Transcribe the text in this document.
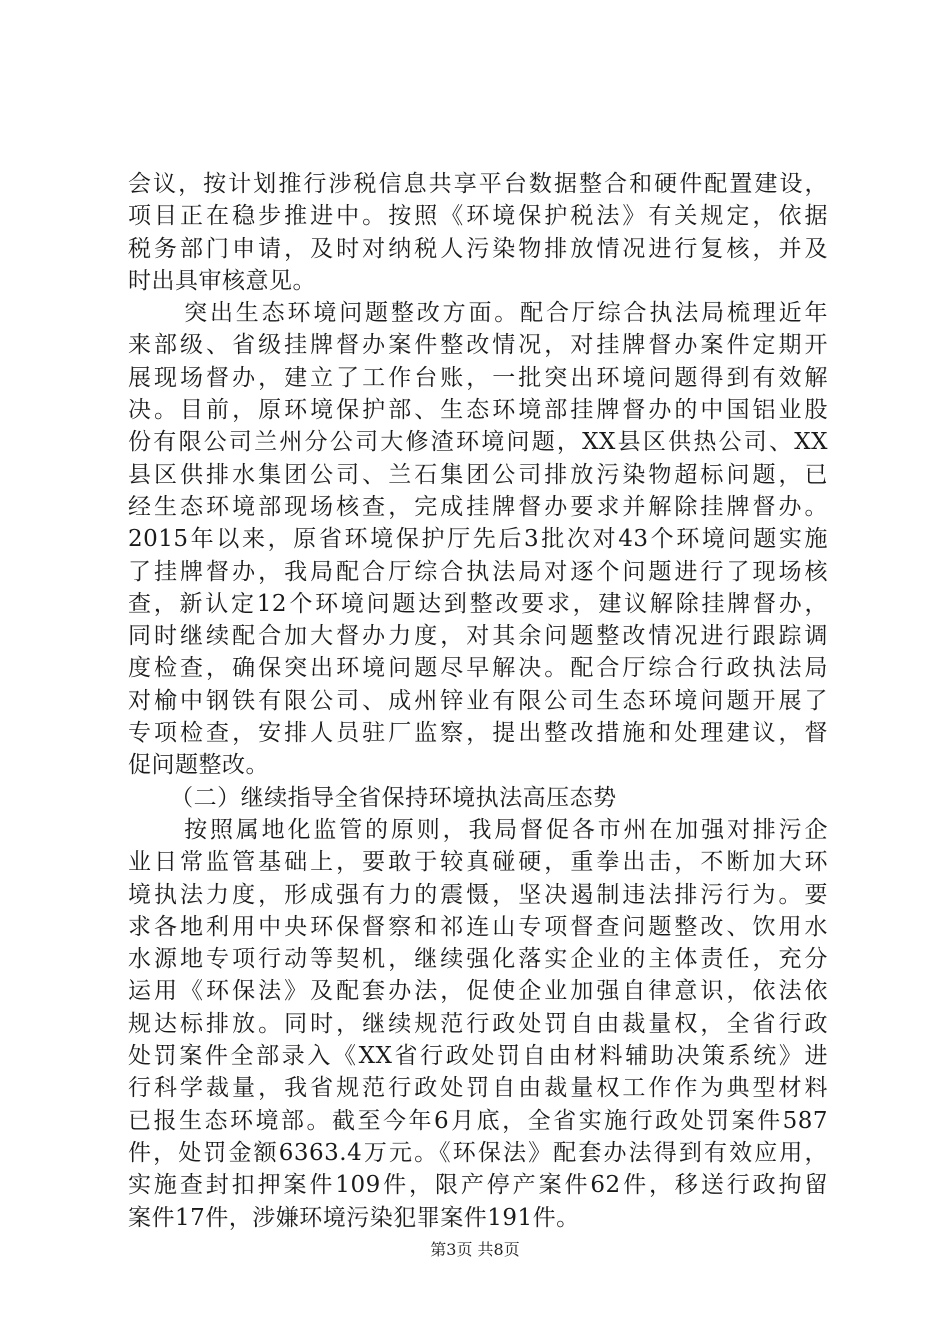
会议，按计划推行涉税信息共享平台数据整合和硬件配置建设，
项目正在稳步推进中。按照《环境保护税法》有关规定，依据
税务部门申请，及时对纳税人污染物排放情况进行复核，并及
时出具审核意见。
突出生态环境问题整改方面。配合厅综合执法局梳理近年
来部级、省级挂牌督办案件整改情况，对挂牌督办案件定期开
展现场督办，建立了工作台账，一批突出环境问题得到有效解
决。目前，原环境保护部、生态环境部挂牌督办的中国铝业股
份有限公司兰州分公司大修渣环境问题，XX县区供热公司、XX
县区供排水集团公司、兰石集团公司排放污染物超标问题，已
经生态环境部现场核查，完成挂牌督办要求并解除挂牌督办。
2015年以来，原省环境保护厅先后3批次对43个环境问题实施
了挂牌督办，我局配合厅综合执法局对逐个问题进行了现场核
查，新认定12个环境问题达到整改要求，建议解除挂牌督办，
同时继续配合加大督办力度，对其余问题整改情况进行跟踪调
度检查，确保突出环境问题尽早解决。配合厅综合行政执法局
对榆中钢铁有限公司、成州锌业有限公司生态环境问题开展了
专项检查，安排人员驻厂监察，提出整改措施和处理建议，督
促问题整改。
（二）继续指导全省保持环境执法高压态势
按照属地化监管的原则，我局督促各市州在加强对排污企
业日常监管基础上，要敢于较真碰硬，重拳出击，不断加大环
境执法力度，形成强有力的震慑，坚决遏制违法排污行为。要
求各地利用中央环保督察和祁连山专项督查问题整改、饮用水
水源地专项行动等契机，继续强化落实企业的主体责任，充分
运用《环保法》及配套办法，促使企业加强自律意识，依法依
规达标排放。同时，继续规范行政处罚自由裁量权，全省行政
处罚案件全部录入《XX省行政处罚自由材料辅助决策系统》进
行科学裁量，我省规范行政处罚自由裁量权工作作为典型材料
已报生态环境部。截至今年6月底，全省实施行政处罚案件587
件，处罚金额6363.4万元。《环保法》配套办法得到有效应用，
实施查封扣押案件109件，限产停产案件62件，移送行政拘留
案件17件，涉嫌环境污染犯罪案件191件。
第3页 共8页
